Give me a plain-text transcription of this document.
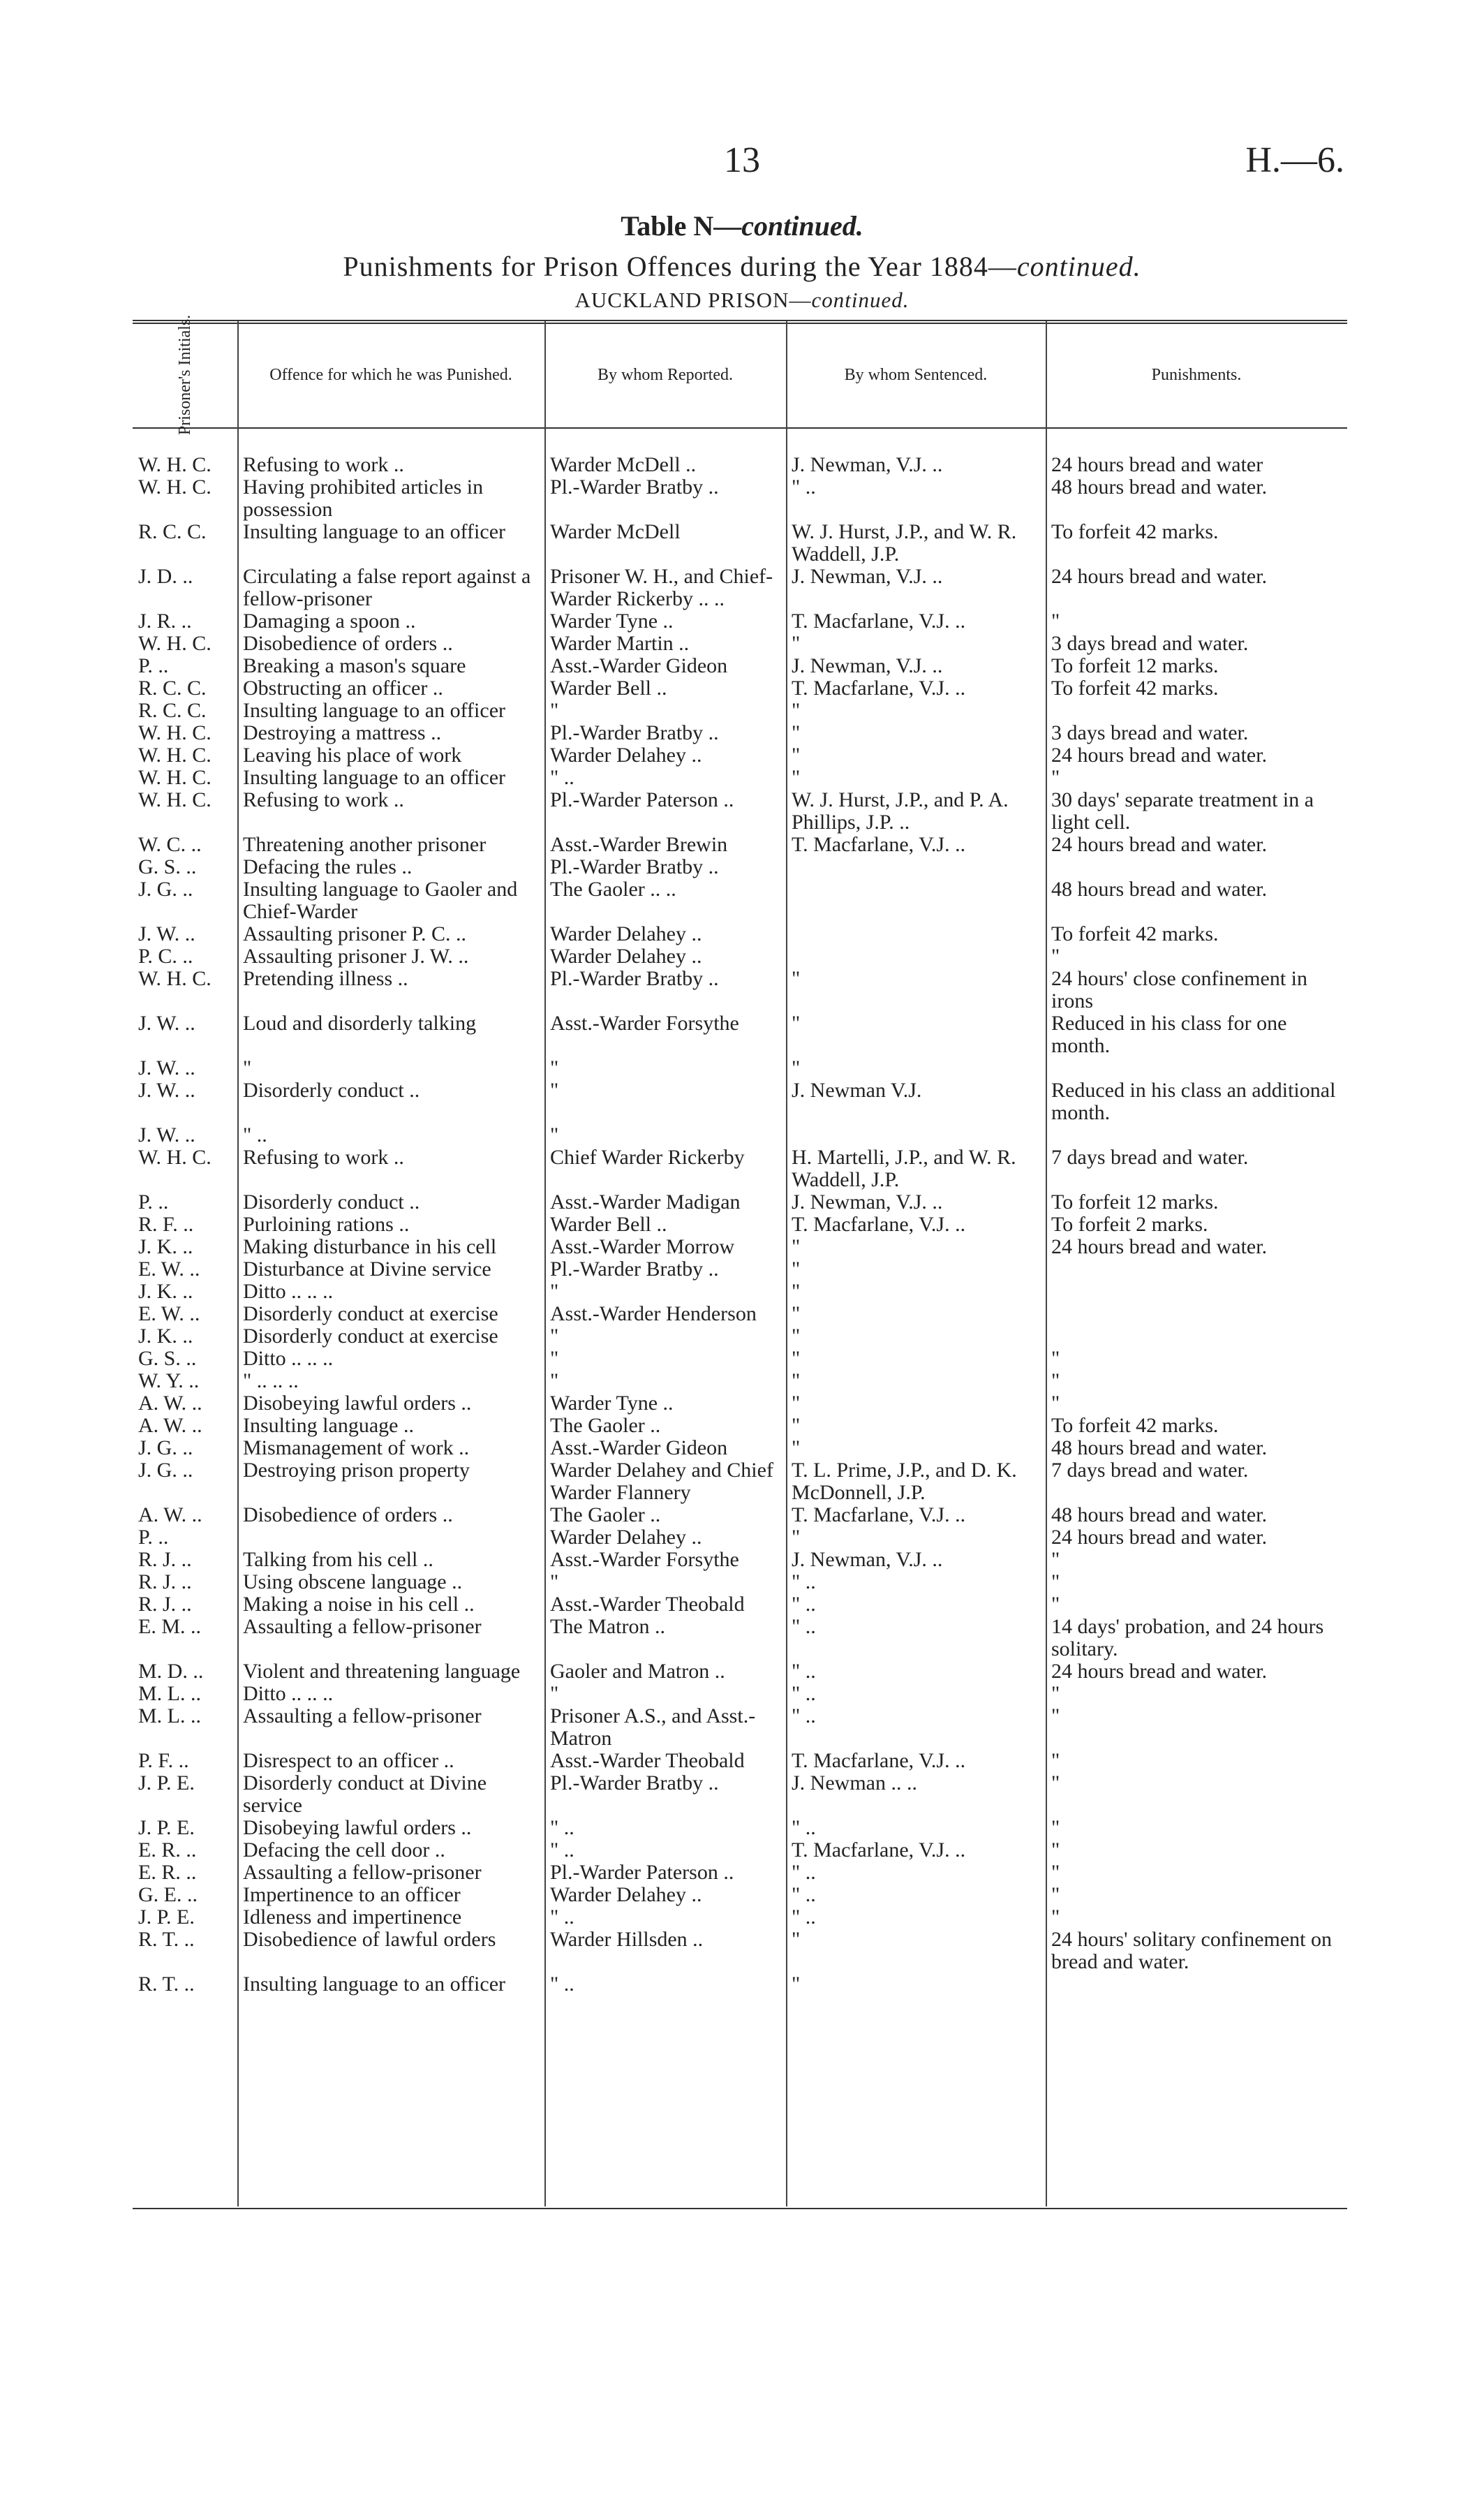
13	H.—6.
Table N—continued.
Punishments for Prison Offences during the Year 1884—continued.
AUCKLAND PRISON—continued.
Prisoner's Initials.	Offence for which he was Punished.	By whom Reported.	By whom Sentenced.	Punishments.
W. H. C.	Refusing to work ..	Warder McDell ..	J. Newman, V.J. ..	24 hours bread and water
W. H. C.	Having prohibited articles in possession	Pl.-Warder Bratby ..	" ..	48 hours bread and water.
R. C. C.	Insulting language to an officer	Warder McDell	W. J. Hurst, J.P., and W. R. Waddell, J.P.	To forfeit 42 marks.
J. D. ..	Circulating a false report against a fellow-prisoner	Prisoner W. H., and Chief-Warder Rickerby .. ..	J. Newman, V.J. ..	24 hours bread and water.
J. R. ..	Damaging a spoon ..	Warder Tyne ..	T. Macfarlane, V.J. ..	"
W. H. C.	Disobedience of orders ..	Warder Martin ..	"	3 days bread and water.
P. ..	Breaking a mason's square	Asst.-Warder Gideon	J. Newman, V.J. ..	To forfeit 12 marks.
R. C. C.	Obstructing an officer ..	Warder Bell ..	T. Macfarlane, V.J. ..	To forfeit 42 marks.
R. C. C.	Insulting language to an officer	"	"	
W. H. C.	Destroying a mattress ..	Pl.-Warder Bratby ..	"	3 days bread and water.
W. H. C.	Leaving his place of work	Warder Delahey ..	"	24 hours bread and water.
W. H. C.	Insulting language to an officer	" ..	"	"
W. H. C.	Refusing to work ..	Pl.-Warder Paterson ..	W. J. Hurst, J.P., and P. A. Phillips, J.P. ..	30 days' separate treatment in a light cell.
W. C. ..	Threatening another prisoner	Asst.-Warder Brewin	T. Macfarlane, V.J. ..	24 hours bread and water.
G. S. ..	Defacing the rules ..	Pl.-Warder Bratby ..		
J. G. ..	Insulting language to Gaoler and Chief-Warder	The Gaoler .. ..		48 hours bread and water.
J. W. ..	Assaulting prisoner P. C. ..	Warder Delahey ..		To forfeit 42 marks.
P. C. ..	Assaulting prisoner J. W. ..	Warder Delahey ..		"
W. H. C.	Pretending illness ..	Pl.-Warder Bratby ..	"	24 hours' close confinement in irons
J. W. ..	Loud and disorderly talking	Asst.-Warder Forsythe	"	Reduced in his class for one month.
J. W. ..	"	"	"	
J. W. ..	Disorderly conduct ..	"	J. Newman V.J.	Reduced in his class an additional month.
J. W. ..	" ..	"		
W. H. C.	Refusing to work ..	Chief Warder Rickerby	H. Martelli, J.P., and W. R. Waddell, J.P.	7 days bread and water.
P. ..	Disorderly conduct ..	Asst.-Warder Madigan	J. Newman, V.J. ..	To forfeit 12 marks.
R. F. ..	Purloining rations ..	Warder Bell ..	T. Macfarlane, V.J. ..	To forfeit 2 marks.
J. K. ..	Making disturbance in his cell	Asst.-Warder Morrow	"	24 hours bread and water.
E. W. ..	Disturbance at Divine service	Pl.-Warder Bratby ..	"	
J. K. ..	Ditto .. .. ..	"	"	
E. W. ..	Disorderly conduct at exercise	Asst.-Warder Henderson	"	
J. K. ..	Disorderly conduct at exercise	"	"	
G. S. ..	Ditto .. .. ..	"	"	"
W. Y. ..	" .. .. ..	"	"	"
A. W. ..	Disobeying lawful orders ..	Warder Tyne ..	"	"
A. W. ..	Insulting language ..	The Gaoler ..	"	To forfeit 42 marks.
J. G. ..	Mismanagement of work ..	Asst.-Warder Gideon	"	48 hours bread and water.
J. G. ..	Destroying prison property	Warder Delahey and Chief Warder Flannery	T. L. Prime, J.P., and D. K. McDonnell, J.P.	7 days bread and water.
A. W. ..	Disobedience of orders ..	The Gaoler ..	T. Macfarlane, V.J. ..	48 hours bread and water.
P. ..		Warder Delahey ..	"	24 hours bread and water.
R. J. ..	Talking from his cell ..	Asst.-Warder Forsythe	J. Newman, V.J. ..	"
R. J. ..	Using obscene language ..	"	" ..	"
R. J. ..	Making a noise in his cell ..	Asst.-Warder Theobald	" ..	"
E. M. ..	Assaulting a fellow-prisoner	The Matron ..	" ..	14 days' probation, and 24 hours solitary.
M. D. ..	Violent and threatening language	Gaoler and Matron ..	" ..	24 hours bread and water.
M. L. ..	Ditto .. .. ..	"	" ..	"
M. L. ..	Assaulting a fellow-prisoner	Prisoner A.S., and Asst.-Matron	" ..	"
P. F. ..	Disrespect to an officer ..	Asst.-Warder Theobald	T. Macfarlane, V.J. ..	"
J. P. E.	Disorderly conduct at Divine service	Pl.-Warder Bratby ..	J. Newman .. ..	"
J. P. E.	Disobeying lawful orders ..	" ..	" ..	"
E. R. ..	Defacing the cell door ..	" ..	T. Macfarlane, V.J. ..	"
E. R. ..	Assaulting a fellow-prisoner	Pl.-Warder Paterson ..	" ..	"
G. E. ..	Impertinence to an officer	Warder Delahey ..	" ..	"
J. P. E.	Idleness and impertinence	" ..	" ..	"
R. T. ..	Disobedience of lawful orders	Warder Hillsden ..	"	24 hours' solitary confinement on bread and water.
R. T. ..	Insulting language to an officer	" ..	"	
